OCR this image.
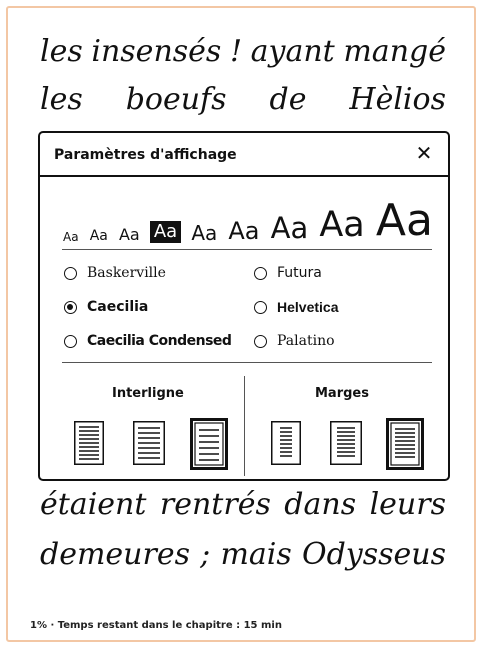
les insensés ! ayant mangé
les boeufs de Hèlios
Paramètres d'affichage	✕
Aa Aa Aa Aa Aa Aa Aa Aa Aa
Baskerville	Futura
Caecilia	Helvetica
Caecilia Condensed	Palatino
Interligne	Marges
étaient rentrés dans leurs
demeures ; mais Odysseus
1% · Temps restant dans le chapitre : 15 min
